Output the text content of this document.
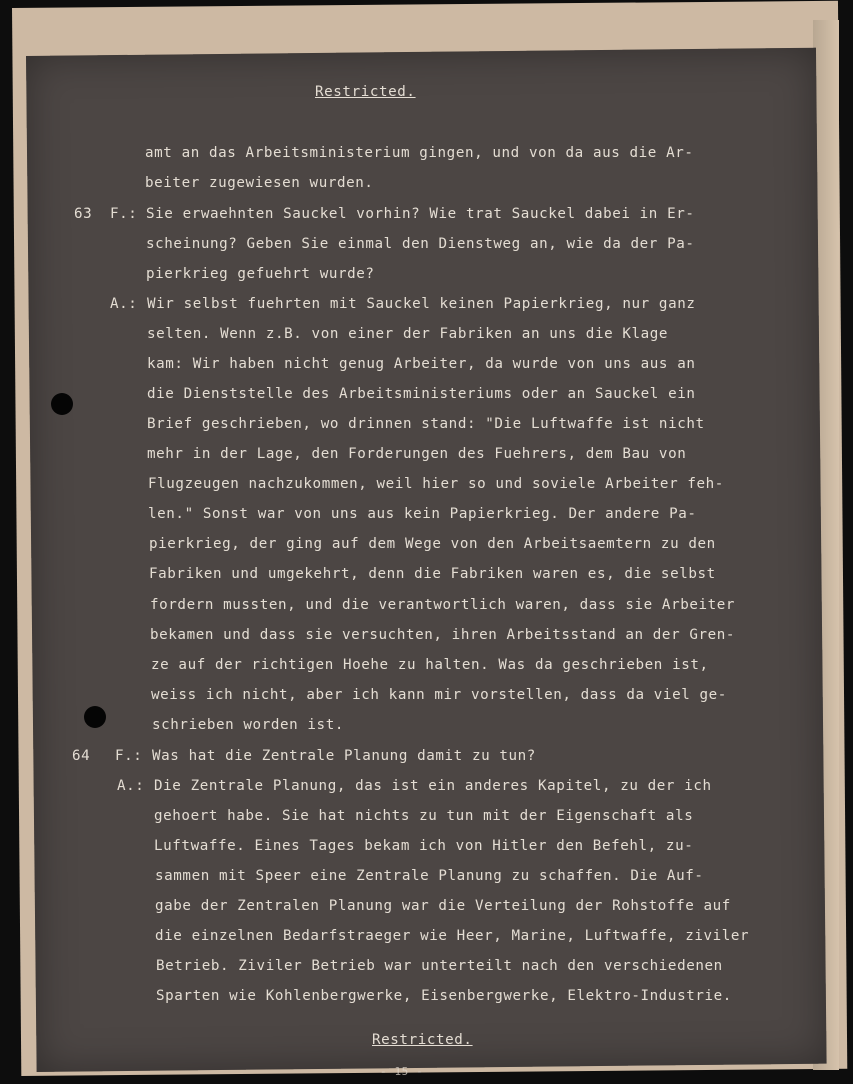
Restricted.
amt an das Arbeitsministerium gingen, und von da aus die Ar-
beiter zugewiesen wurden.
63 F.: Sie erwaehnten Sauckel vorhin? Wie trat Sauckel dabei in Er-
scheinung? Geben Sie einmal den Dienstweg an, wie da der Pa-
pierkrieg gefuehrt wurde?
A.: Wir selbst fuehrten mit Sauckel keinen Papierkrieg, nur ganz
selten. Wenn z.B. von einer der Fabriken an uns die Klage
kam: Wir haben nicht genug Arbeiter, da wurde von uns aus an
die Dienststelle des Arbeitsministeriums oder an Sauckel ein
Brief geschrieben, wo drinnen stand: "Die Luftwaffe ist nicht
mehr in der Lage, den Forderungen des Fuehrers, dem Bau von
Flugzeugen nachzukommen, weil hier so und soviele Arbeiter feh-
len." Sonst war von uns aus kein Papierkrieg. Der andere Pa-
pierkrieg, der ging auf dem Wege von den Arbeitsaemtern zu den
Fabriken und umgekehrt, denn die Fabriken waren es, die selbst
fordern mussten, und die verantwortlich waren, dass sie Arbeiter
bekamen und dass sie versuchten, ihren Arbeitsstand an der Gren-
ze auf der richtigen Hoehe zu halten. Was da geschrieben ist,
weiss ich nicht, aber ich kann mir vorstellen, dass da viel ge-
schrieben worden ist.
64 F.: Was hat die Zentrale Planung damit zu tun?
A.: Die Zentrale Planung, das ist ein anderes Kapitel, zu der ich
gehoert habe. Sie hat nichts zu tun mit der Eigenschaft als
Luftwaffe. Eines Tages bekam ich von Hitler den Befehl, zu-
sammen mit Speer eine Zentrale Planung zu schaffen. Die Auf-
gabe der Zentralen Planung war die Verteilung der Rohstoffe auf
die einzelnen Bedarfstraeger wie Heer, Marine, Luftwaffe, ziviler
Betrieb. Ziviler Betrieb war unterteilt nach den verschiedenen
Sparten wie Kohlenbergwerke, Eisenbergwerke, Elektro-Industrie.
Restricted.
- 15 -
